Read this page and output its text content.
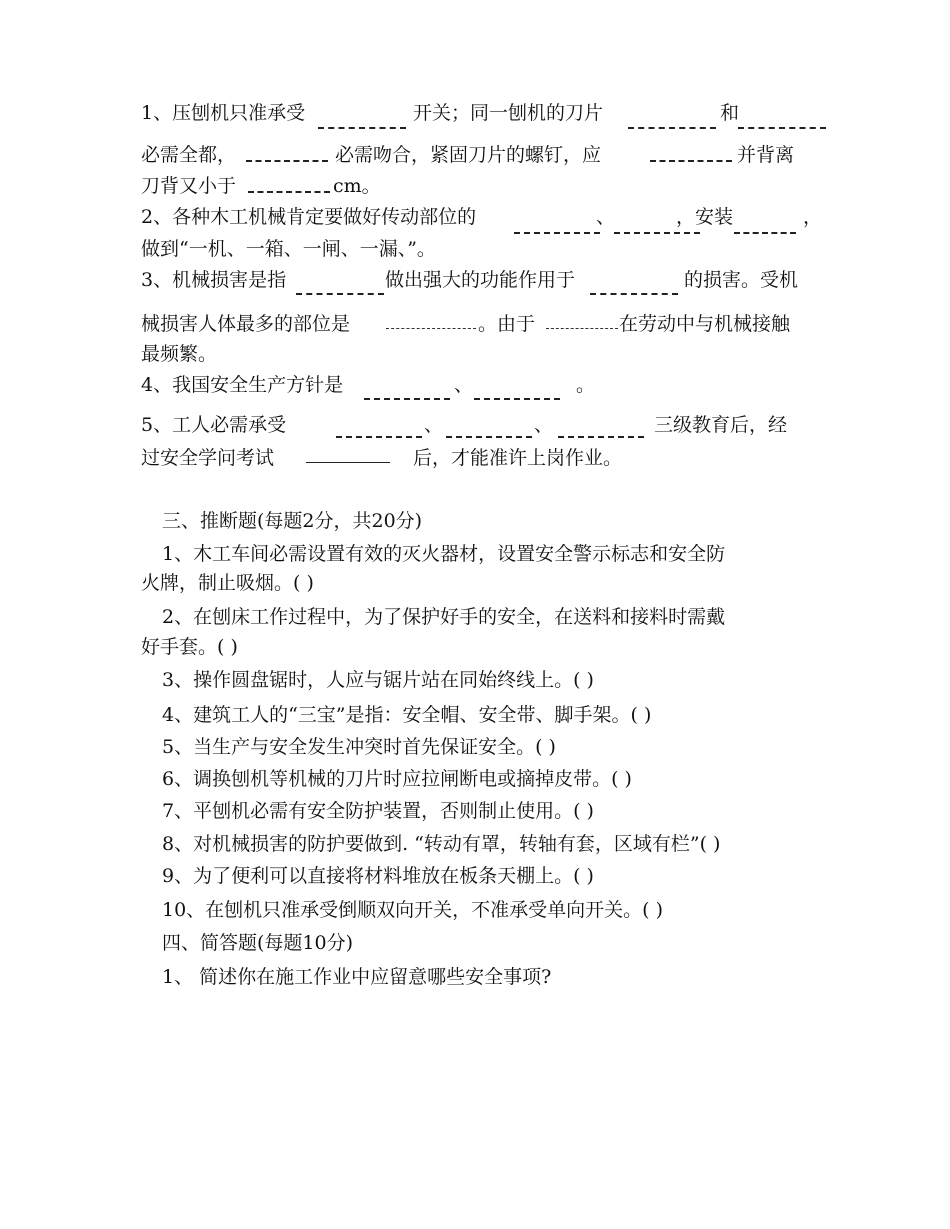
1、压刨机只准承受	开关；同一刨机的刀片	和
必需全都，	必需吻合，紧固刀片的螺钉，应	并背离
刀背又小于	cm。
2、各种木工机械肯定要做好传动部位的	、	，安装	，
做到“一机、一箱、一闸、一漏、”。
3、机械损害是指	做出强大的功能作用于	的损害。受机
械损害人体最多的部位是	。由于	在劳动中与机械接触
最频繁。
4、我国安全生产方针是	、	。
5、工人必需承受	、	、	三级教育后，经
过安全学问考试	后，才能准许上岗作业。
三、推断题(每题2分，共20分)
1、木工车间必需设置有效的灭火器材，设置安全警示标志和安全防
火牌，制止吸烟。( )
2、在刨床工作过程中，为了保护好手的安全，在送料和接料时需戴
好手套。( )
3、操作圆盘锯时，人应与锯片站在同始终线上。( )
4、建筑工人的“三宝”是指：安全帽、安全带、脚手架。( )
5、当生产与安全发生冲突时首先保证安全。( )
6、调换刨机等机械的刀片时应拉闸断电或摘掉皮带。( )
7、平刨机必需有安全防护装置，否则制止使用。( )
8、对机械损害的防护要做到. “转动有罩，转轴有套，区域有栏”( )
9、为了便利可以直接将材料堆放在板条天棚上。( )
10、在刨机只准承受倒顺双向开关，不准承受单向开关。( )
四、简答题(每题10分)
1、 简述你在施工作业中应留意哪些安全事项?
